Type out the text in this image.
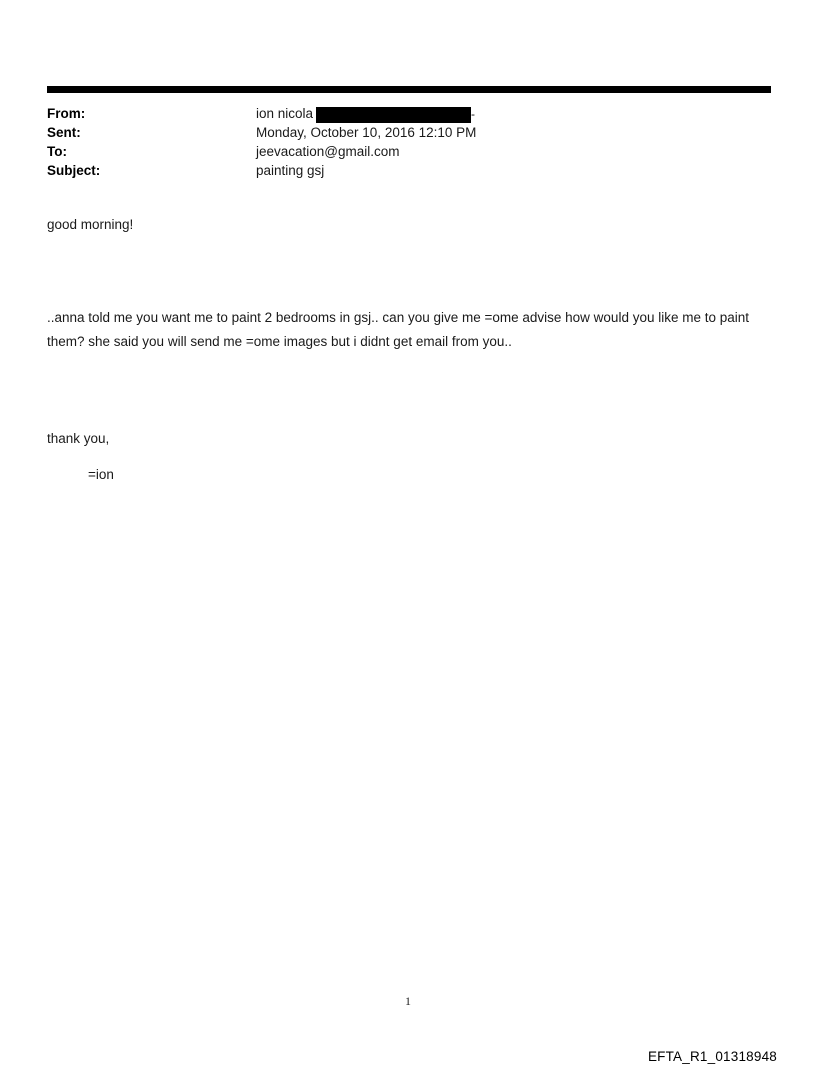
From:	ion nicola	-
Sent:	Monday, October 10, 2016 12:10 PM
To:	jeevacation@gmail.com
Subject:	painting gsj
good morning!
..anna told me you want me to paint 2 bedrooms in gsj.. can you give me =ome advise how would you like me to paint
them? she said you will send me =ome images but i didnt get email from you..
thank you,
=ion
1
EFTA_R1_01318948
